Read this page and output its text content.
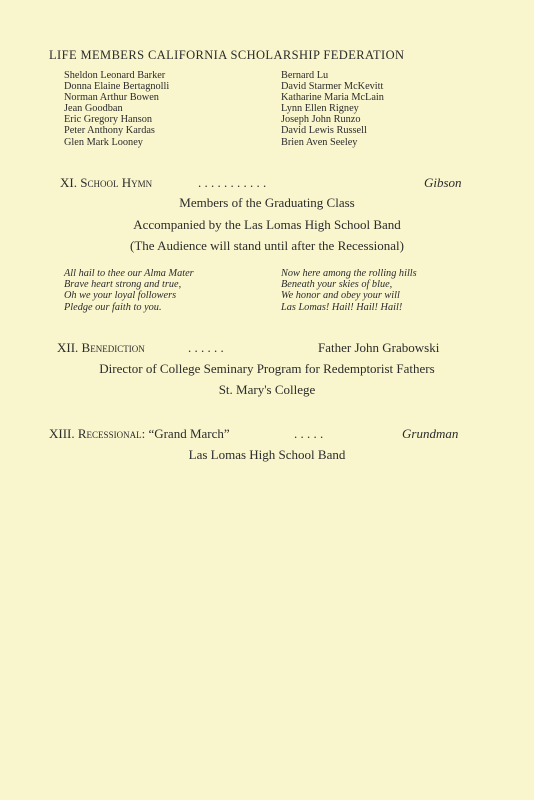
LIFE MEMBERS CALIFORNIA SCHOLARSHIP FEDERATION
Sheldon Leonard Barker
Donna Elaine Bertagnolli
Norman Arthur Bowen
Jean Goodban
Eric Gregory Hanson
Peter Anthony Kardas
Glen Mark Looney
Bernard Lu
David Starmer McKevitt
Katharine Maria McLain
Lynn Ellen Rigney
Joseph John Runzo
David Lewis Russell
Brien Aven Seeley
XI. School Hymn	. . . . . . . . . . .	Gibson
Members of the Graduating Class
Accompanied by the Las Lomas High School Band
(The Audience will stand until after the Recessional)
All hail to thee our Alma Mater
Brave heart strong and true,
Oh we your loyal followers
Pledge our faith to you.
Now here among the rolling hills
Beneath your skies of blue,
We honor and obey your will
Las Lomas! Hail! Hail! Hail!
XII. Benediction	. . . . . .	Father John Grabowski
Director of College Seminary Program for Redemptorist Fathers
St. Mary's College
XIII. Recessional: “Grand March”	. . . . .	Grundman
Las Lomas High School Band
